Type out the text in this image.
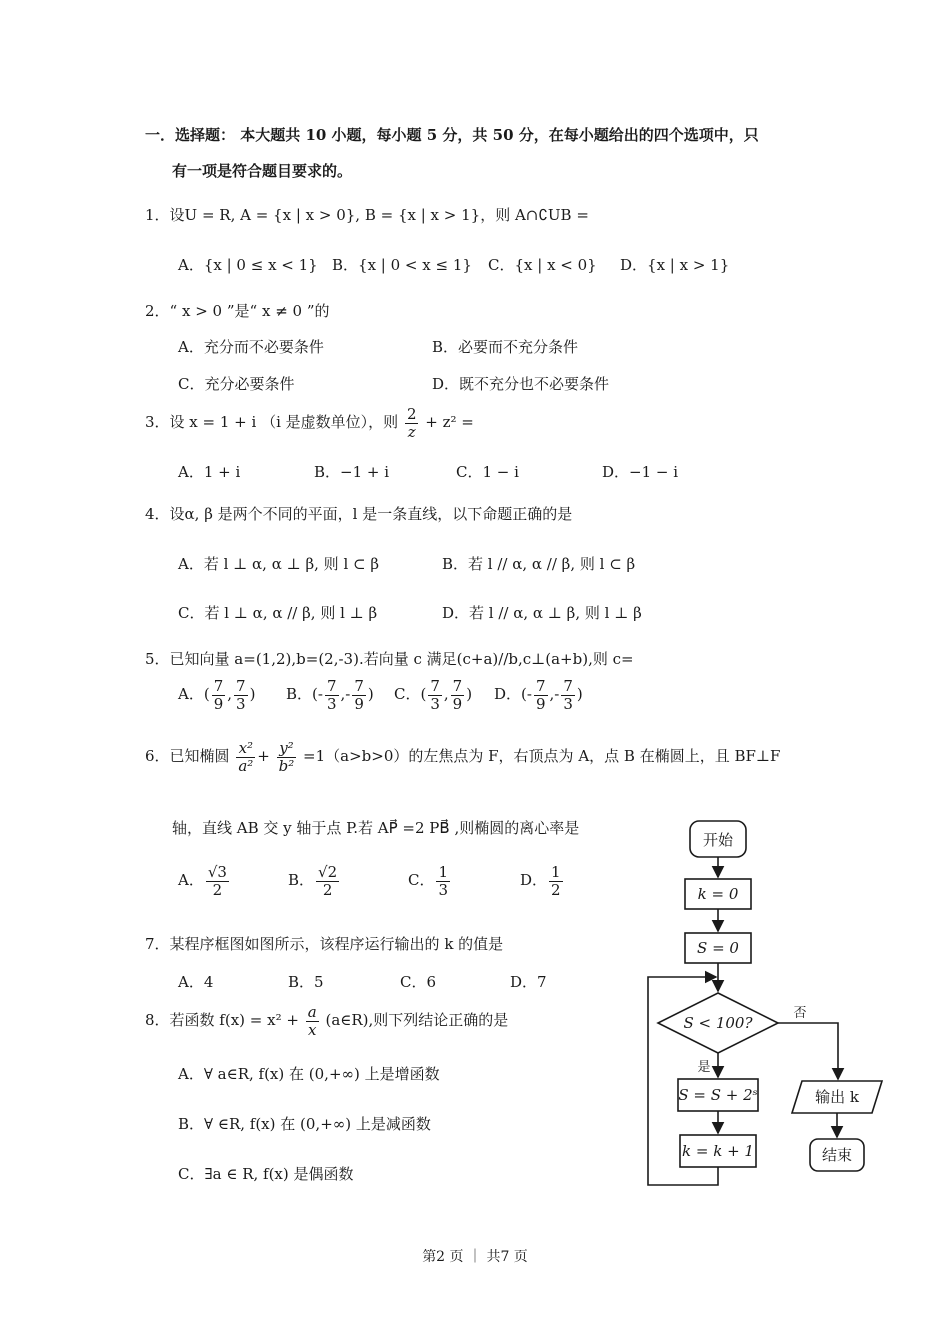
一．选择题： 本大题共 10 小题，每小题 5 分，共 50 分，在每小题给出的四个选项中，只
有一项是符合题目要求的。
1．设U = R, A = {x | x > 0}, B = {x | x > 1}，则 A∩∁UB =
A．{x | 0 ≤ x < 1} B．{x | 0 < x ≤ 1} C．{x | x < 0} D．{x | x > 1}
2．“ x > 0 ”是“ x ≠ 0 ”的
A．充分而不必要条件	B．必要而不充分条件
C．充分必要条件	D．既不充分也不必要条件
3．设 x = 1 + i （i 是虚数单位），则 $\frac{2}{z} + z^2$ =
A．1 + i	B．−1 + i	C．1 − i	D．−1 − i
4．设α, β 是两个不同的平面，l 是一条直线，以下命题正确的是
A．若 l ⊥ α, α ⊥ β, 则 l ⊂ β	B．若 l // α, α // β, 则 l ⊂ β
C．若 l ⊥ α, α // β, 则 l ⊥ β	D．若 l // α, α ⊥ β, 则 l ⊥ β
5．已知向量 a=(1,2),b=(2,-3).若向量 c 满足(c+a)//b,c⊥(a+b),则 c=
A．( $\frac{7}{9}$ , $\frac{7}{3}$ ) B．(- $\frac{7}{3}$ ,- $\frac{7}{9}$ ) C．( $\frac{7}{3}$ , $\frac{7}{9}$ ) D．(- $\frac{7}{9}$ ,- $\frac{7}{3}$ )
6．已知椭圆 $\frac{\text{x²}}{\text{a²}} + \frac{\text{y²}}{\text{b²}} =1(a>b>0)$的左焦点为 F，右顶点为 A，点 B 在椭圆上，且 BF⊥F
轴，直线 AB 交 y 轴于点 P.若 AP⃗ =2 PB⃗ ,则椭圆的离心率是
A． $\frac{√3}{2}$	B． $\frac{√2}{2}$	C． $\frac{1}{3}$	D． $\frac{1}{2}$
7．某程序框图如图所示，该程序运行输出的 k 的值是
A．4	B．5	C．6	D．7
8．若函数 $f(x) = x^2 + \frac{a}{x}$ (a∈R),则下列结论正确的是
A．∀ a∈R, f(x) 在 (0,+∞) 上是增函数
B．∀ ∈R, f(x) 在 (0,+∞) 上是减函数
C．∃a ∈ R, f(x) 是偶函数
开始
k = 0
S = 0
S < 100?
否
是
S = S + 2ˢ
k = k + 1
输出 k
结束
第2 页 ｜ 共7 页
